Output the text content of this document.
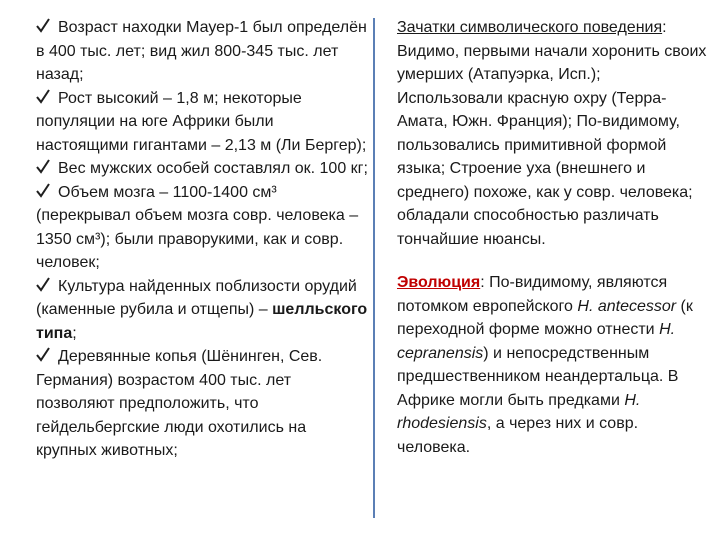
Возраст находки Мауер-1 был определён в 400 тыс. лет; вид жил 800-345 тыс. лет назад;
Рост высокий – 1,8 м; некоторые популяции на юге Африки были настоящими гигантами – 2,13 м (Ли Бергер);
Вес мужских особей составлял ок. 100 кг;
Объем мозга – 1100-1400 см³ (перекрывал объем мозга совр. человека – 1350 см³); были праворукими, как и совр. человек;
Культура найденных поблизости орудий (каменные рубила и отщепы) – шелльского типа;
Деревянные копья (Шёнинген, Сев. Германия) возрастом 400 тыс. лет позволяют предположить, что гейдельбергские люди охотились на крупных животных;
Зачатки символического поведения: Видимо, первыми начали хоронить своих умерших (Атапуэрка, Исп.); Использовали красную охру (Терра-Амата, Южн. Франция); По-видимому, пользовались примитивной формой языка; Строение уха (внешнего и среднего) похоже, как у совр. человека; обладали способностью различать тончайшие нюансы.
Эволюция: По-видимому, являются потомком европейского H. antecessor (к переходной форме можно отнести H. cepranensis) и непосредственным предшественником неандертальца. В Африке могли быть предками H. rhodesiensis, а через них и совр. человека.
